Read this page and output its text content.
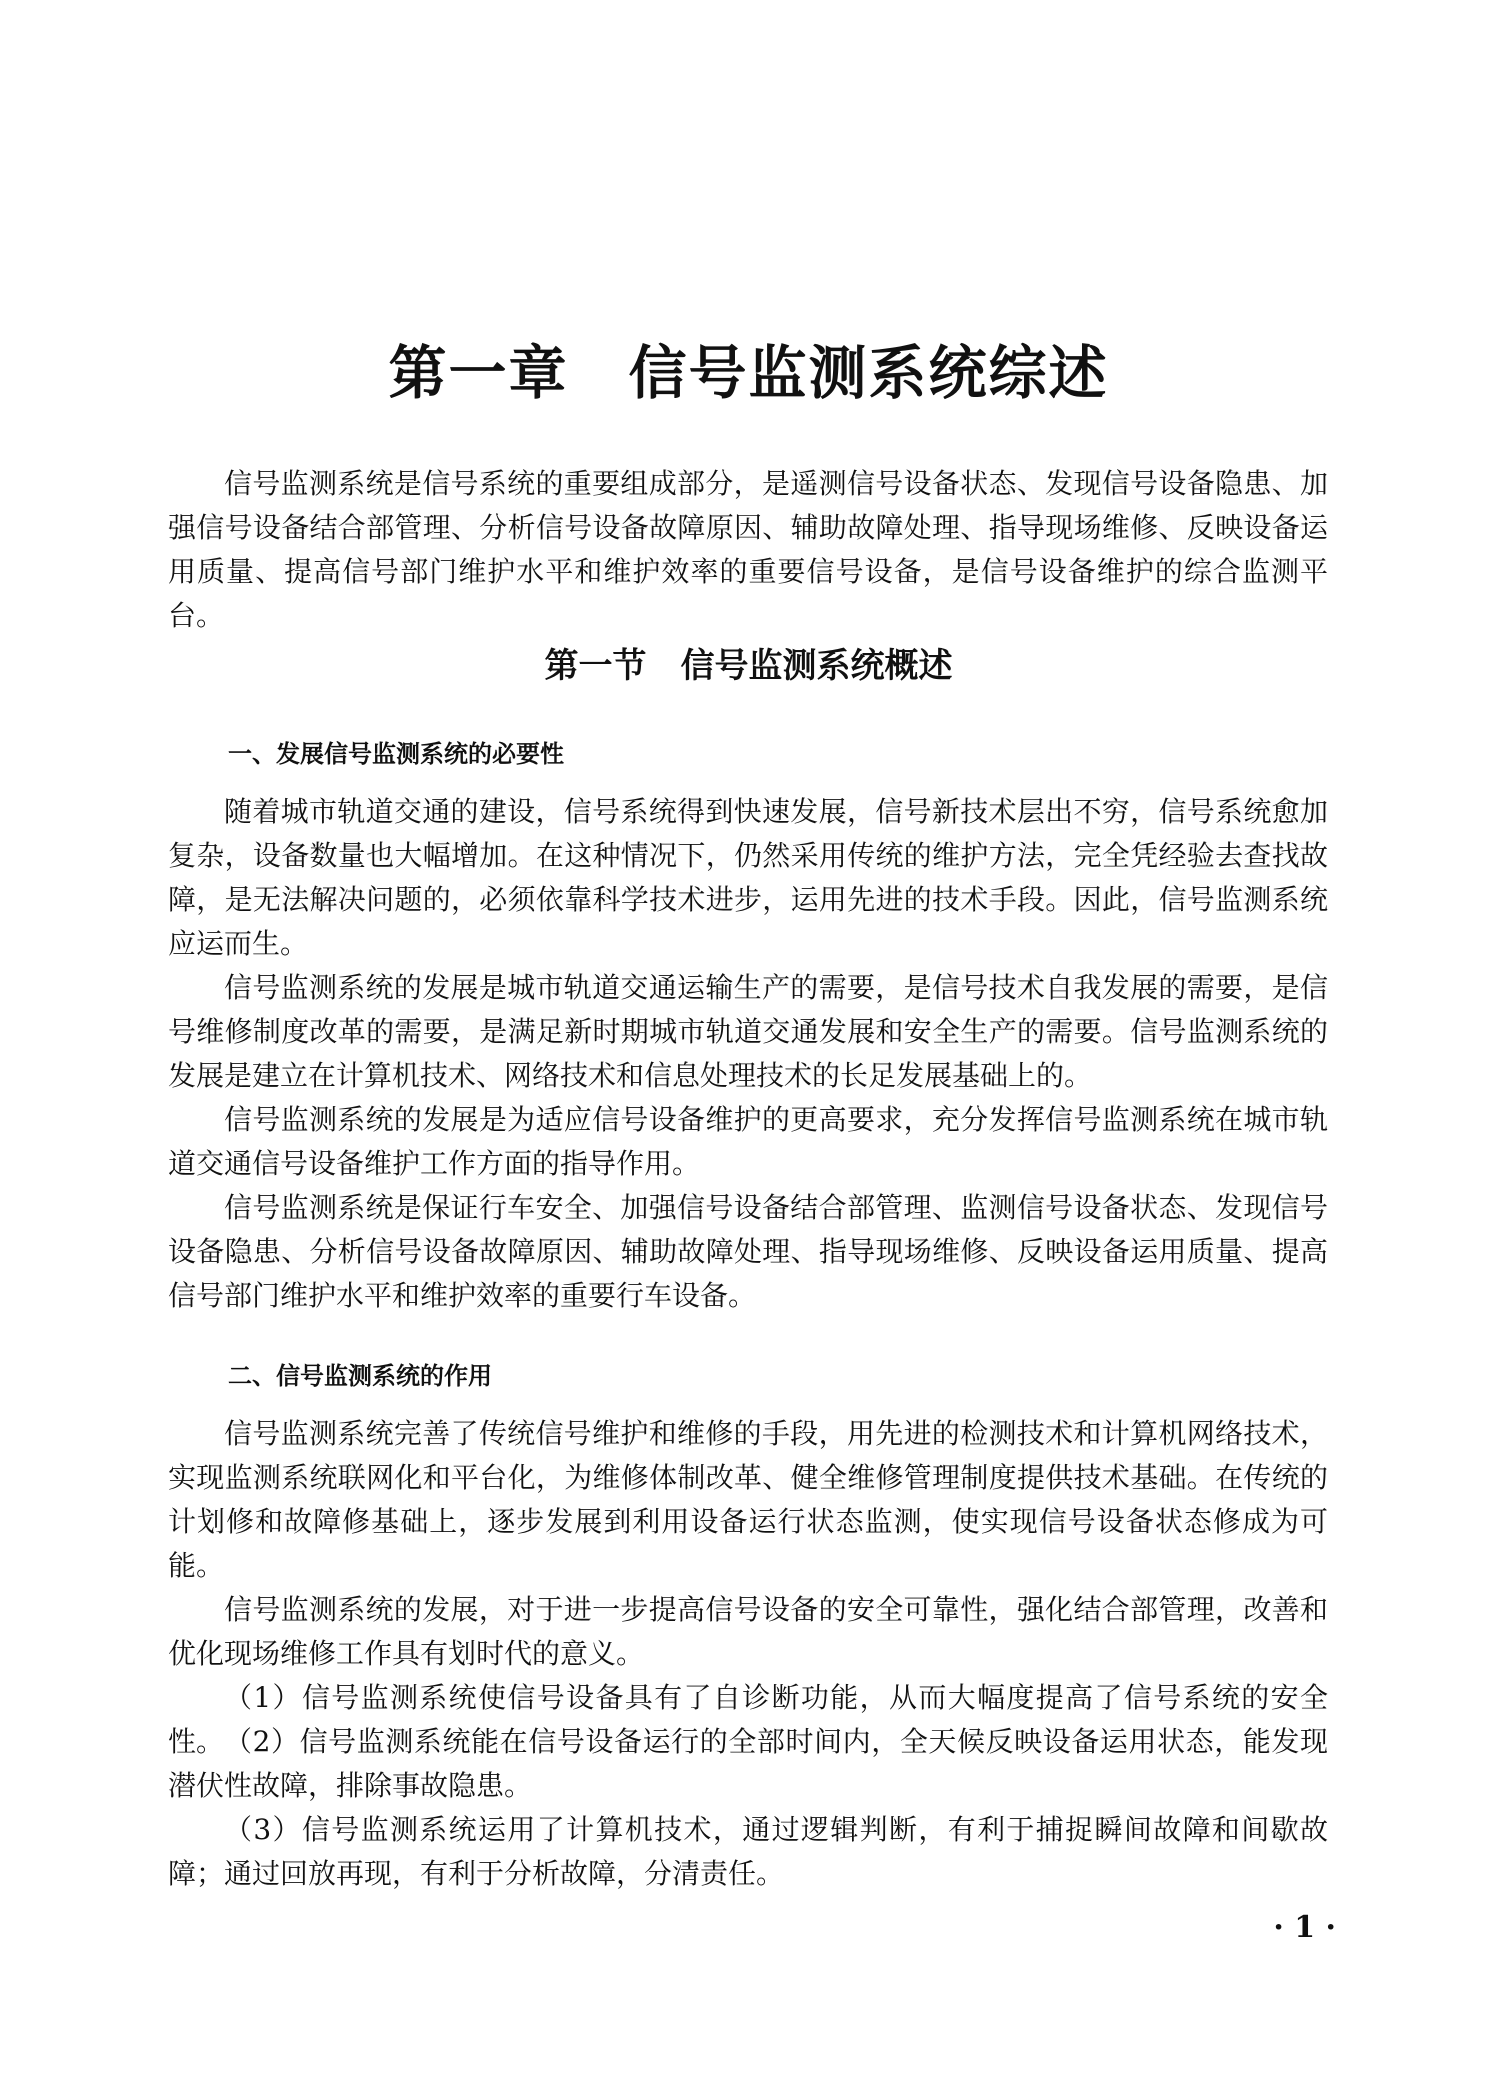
第一章　信号监测系统综述

信号监测系统是信号系统的重要组成部分，是遥测信号设备状态、发现信号设备隐患、加强信号设备结合部管理、分析信号设备故障原因、辅助故障处理、指导现场维修、反映设备运用质量、提高信号部门维护水平和维护效率的重要信号设备，是信号设备维护的综合监测平台。

第一节　信号监测系统概述
一、发展信号监测系统的必要性

随着城市轨道交通的建设，信号系统得到快速发展，信号新技术层出不穷，信号系统愈加复杂，设备数量也大幅增加。在这种情况下，仍然采用传统的维护方法，完全凭经验去查找故障，是无法解决问题的，必须依靠科学技术进步，运用先进的技术手段。因此，信号监测系统应运而生。

信号监测系统的发展是城市轨道交通运输生产的需要，是信号技术自我发展的需要，是信号维修制度改革的需要，是满足新时期城市轨道交通发展和安全生产的需要。信号监测系统的发展是建立在计算机技术、网络技术和信息处理技术的长足发展基础上的。

信号监测系统的发展是为适应信号设备维护的更高要求，充分发挥信号监测系统在城市轨道交通信号设备维护工作方面的指导作用。

信号监测系统是保证行车安全、加强信号设备结合部管理、监测信号设备状态、发现信号设备隐患、分析信号设备故障原因、辅助故障处理、指导现场维修、反映设备运用质量、提高信号部门维护水平和维护效率的重要行车设备。

二、信号监测系统的作用

信号监测系统完善了传统信号维护和维修的手段，用先进的检测技术和计算机网络技术，实现监测系统联网化和平台化，为维修体制改革、健全维修管理制度提供技术基础。在传统的计划修和故障修基础上，逐步发展到利用设备运行状态监测，使实现信号设备状态修成为可能。

信号监测系统的发展，对于进一步提高信号设备的安全可靠性，强化结合部管理，改善和优化现场维修工作具有划时代的意义。

（1）信号监测系统使信号设备具有了自诊断功能，从而大幅度提高了信号系统的安全性。 （2）信号监测系统能在信号设备运行的全部时间内，全天候反映设备运用状态，能发现潜伏性故障，排除事故隐患。

（3）信号监测系统运用了计算机技术，通过逻辑判断，有利于捕捉瞬间故障和间歇故障；通过回放再现，有利于分析故障，分清责任。

· 1 ·
